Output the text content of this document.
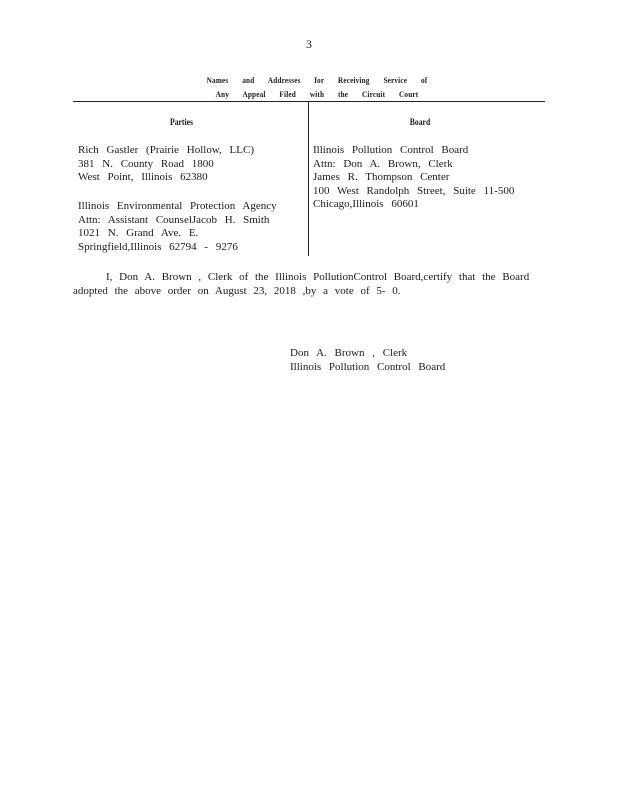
3
Names and Addresses for Receiving Service of
Any Appeal Filed with the Circuit Court
Parties	Board
Rich Gastler (Prairie Hollow, LLC)
381 N. County Road 1800
West Point, Illinois 62380
Illinois Environmental Protection Agency
Attn: Assistant CounselJacob H. Smith
1021 N. Grand Ave. E.
Springfield,Illinois 62794 - 9276
Illinois Pollution Control Board
Attn: Don A. Brown, Clerk
James R. Thompson Center
100 West Randolph Street, Suite 11-500
Chicago,Illinois 60601
I, Don A. Brown , Clerk of the Illinois PollutionControl Board,certify that the Board
adopted the above order on August 23, 2018 ,by a vote of 5- 0.
Don A. Brown , Clerk
Illinois Pollution Control Board
